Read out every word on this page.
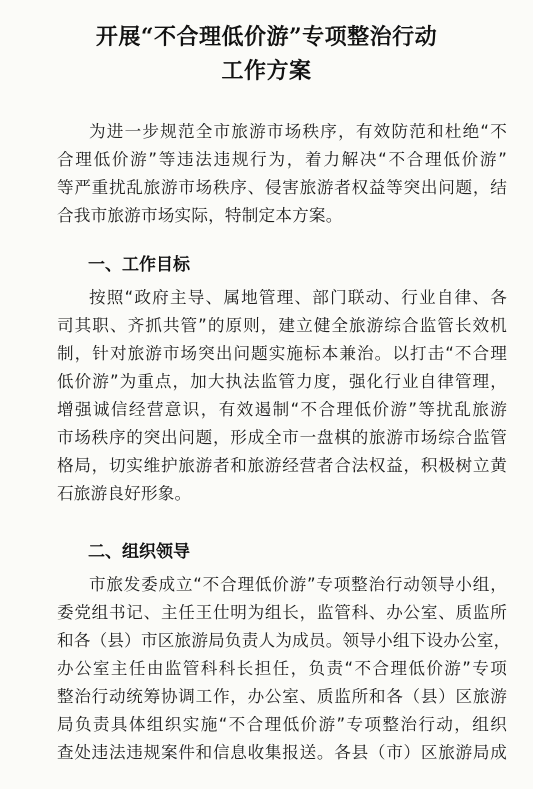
开展“不合理低价游”专项整治行动
工作方案
为进一步规范全市旅游市场秩序，有效防范和杜绝“不
合理低价游”等违法违规行为，着力解决“不合理低价游”
等严重扰乱旅游市场秩序、侵害旅游者权益等突出问题，结
合我市旅游市场实际，特制定本方案。
一、工作目标
按照“政府主导、属地管理、部门联动、行业自律、各
司其职、齐抓共管”的原则，建立健全旅游综合监管长效机
制，针对旅游市场突出问题实施标本兼治。以打击“不合理
低价游”为重点，加大执法监管力度，强化行业自律管理，
增强诚信经营意识，有效遏制“不合理低价游”等扰乱旅游
市场秩序的突出问题，形成全市一盘棋的旅游市场综合监管
格局，切实维护旅游者和旅游经营者合法权益，积极树立黄
石旅游良好形象。
二、组织领导
市旅发委成立“不合理低价游”专项整治行动领导小组，
委党组书记、主任王仕明为组长，监管科、办公室、质监所
和各（县）市区旅游局负责人为成员。领导小组下设办公室，
办公室主任由监管科科长担任，负责“不合理低价游”专项
整治行动统筹协调工作，办公室、质监所和各（县）区旅游
局负责具体组织实施“不合理低价游”专项整治行动，组织
查处违法违规案件和信息收集报送。各县（市）区旅游局成
